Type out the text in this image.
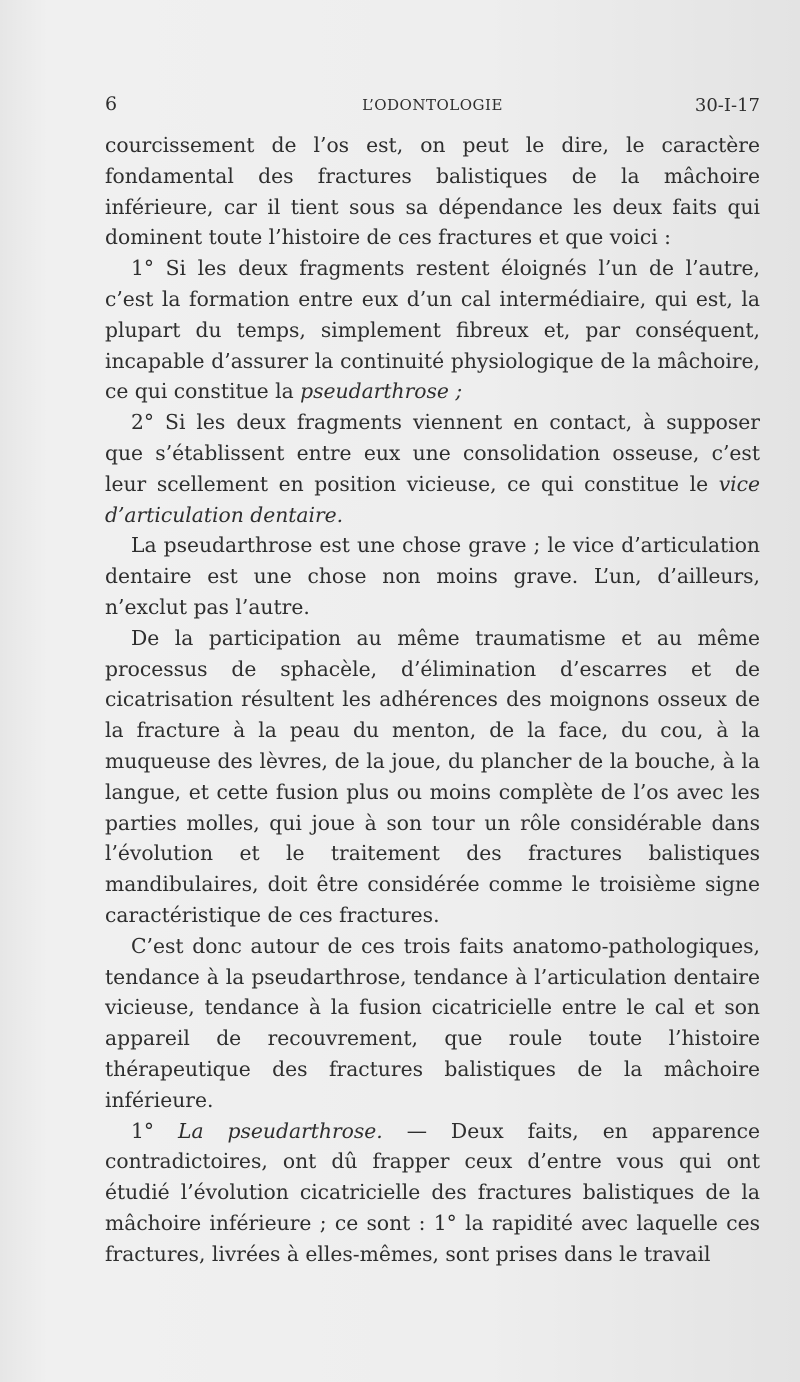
6	L’ODONTOLOGIE	30-I-17

courcissement de l’os est, on peut le dire, le caractère fondamental des fractures balistiques de la mâchoire inférieure, car il tient sous sa dépendance les deux faits qui dominent toute l’histoire de ces fractures et que voici :

1° Si les deux fragments restent éloignés l’un de l’autre, c’est la formation entre eux d’un cal intermédiaire, qui est, la plupart du temps, simplement fibreux et, par conséquent, incapable d’assurer la continuité physiologique de la mâchoire, ce qui constitue la pseudarthrose ;

2° Si les deux fragments viennent en contact, à supposer que s’établissent entre eux une consolidation osseuse, c’est leur scellement en position vicieuse, ce qui constitue le vice d’articulation dentaire.

La pseudarthrose est une chose grave ; le vice d’articulation dentaire est une chose non moins grave. L’un, d’ailleurs, n’exclut pas l’autre.

De la participation au même traumatisme et au même processus de sphacèle, d’élimination d’escarres et de cicatrisation résultent les adhérences des moignons osseux de la fracture à la peau du menton, de la face, du cou, à la muqueuse des lèvres, de la joue, du plancher de la bouche, à la langue, et cette fusion plus ou moins complète de l’os avec les parties molles, qui joue à son tour un rôle considérable dans l’évolution et le traitement des fractures balistiques mandibulaires, doit être considérée comme le troisième signe caractéristique de ces fractures.

C’est donc autour de ces trois faits anatomo-pathologiques, tendance à la pseudarthrose, tendance à l’articulation dentaire vicieuse, tendance à la fusion cicatricielle entre le cal et son appareil de recouvrement, que roule toute l’histoire thérapeutique des fractures balistiques de la mâchoire inférieure.

1° La pseudarthrose. — Deux faits, en apparence contradictoires, ont dû frapper ceux d’entre vous qui ont étudié l’évolution cicatricielle des fractures balistiques de la mâchoire inférieure ; ce sont : 1° la rapidité avec laquelle ces fractures, livrées à elles-mêmes, sont prises dans le travail
